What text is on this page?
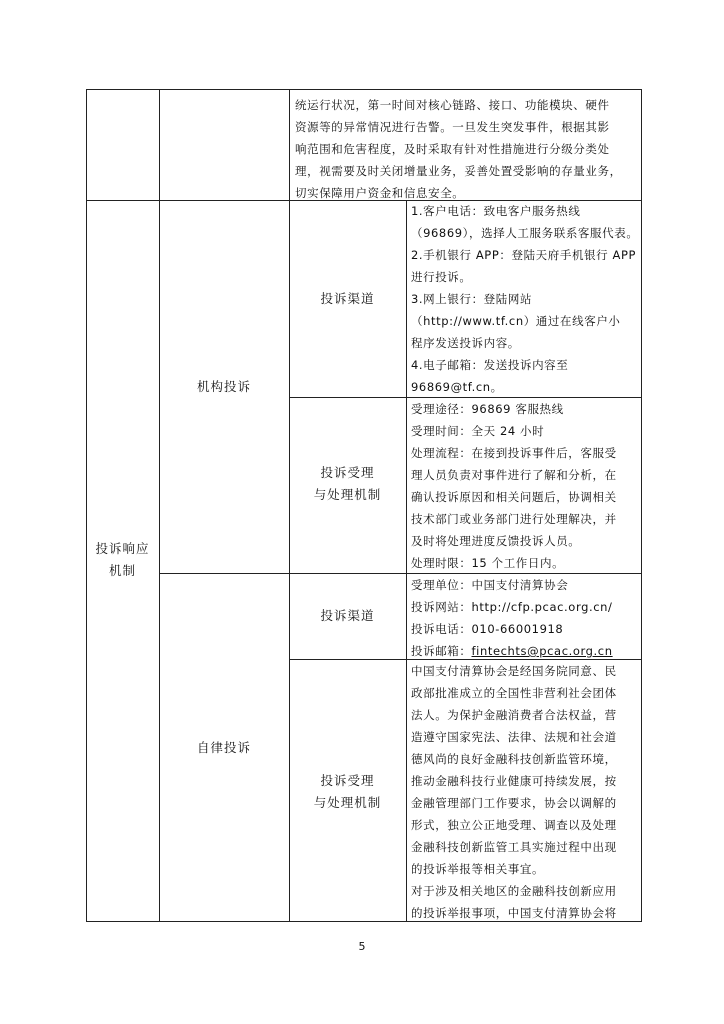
统运行状况，第一时间对核心链路、接口、功能模块、硬件
资源等的异常情况进行告警。一旦发生突发事件，根据其影
响范围和危害程度，及时采取有针对性措施进行分级分类处
理，视需要及时关闭增量业务，妥善处置受影响的存量业务，
切实保障用户资金和信息安全。
投诉响应
机制
机构投诉
投诉渠道
1.客户电话：致电客户服务热线
（96869），选择人工服务联系客服代表。
2.手机银行 APP：登陆天府手机银行 APP
进行投诉。
3.网上银行：登陆网站
（http://www.tf.cn）通过在线客户小
程序发送投诉内容。
4.电子邮箱：发送投诉内容至
96869@tf.cn。
投诉受理
与处理机制
受理途径：96869 客服热线
受理时间：全天 24 小时
处理流程：在接到投诉事件后，客服受
理人员负责对事件进行了解和分析，在
确认投诉原因和相关问题后，协调相关
技术部门或业务部门进行处理解决，并
及时将处理进度反馈投诉人员。
处理时限：15 个工作日内。
自律投诉
投诉渠道
受理单位：中国支付清算协会
投诉网站：http://cfp.pcac.org.cn/
投诉电话：010-66001918
投诉邮箱：fintechts@pcac.org.cn
投诉受理
与处理机制
中国支付清算协会是经国务院同意、民
政部批准成立的全国性非营利社会团体
法人。为保护金融消费者合法权益，营
造遵守国家宪法、法律、法规和社会道
德风尚的良好金融科技创新监管环境，
推动金融科技行业健康可持续发展，按
金融管理部门工作要求，协会以调解的
形式，独立公正地受理、调查以及处理
金融科技创新监管工具实施过程中出现
的投诉举报等相关事宜。
对于涉及相关地区的金融科技创新应用
的投诉举报事项，中国支付清算协会将
5
